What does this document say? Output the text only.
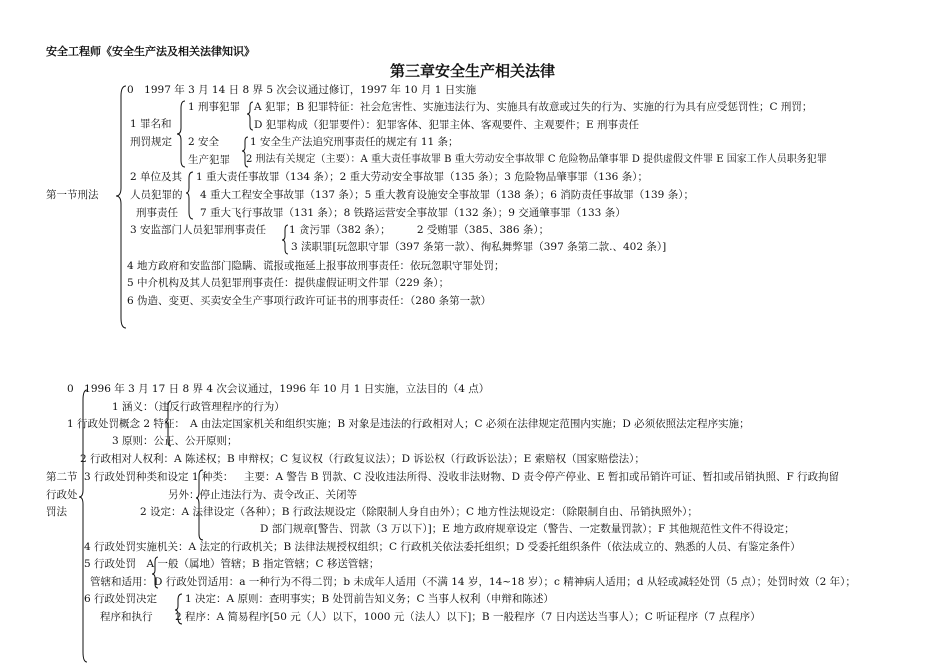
安全工程师《安全生产法及相关法律知识》
第三章安全生产相关法律
第一节刑法
0　1997 年 3 月 14 日 8 界 5 次会议通过修订，1997 年 10 月 1 日实施
1 罪名和
刑罚规定
1 刑事犯罪 A 犯罪；B 犯罪特征：社会危害性、实施违法行为、实施具有故意或过失的行为、实施的行为具有应受惩罚性；C 刑罚；
D 犯罪构成（犯罪要件）：犯罪客体、犯罪主体、客观要件、主观要件；E 刑事责任
2 安全
生产犯罪
1 安全生产法追究刑事责任的规定有 11 条；
2 刑法有关规定（主要）：A 重大责任事故罪 B 重大劳动安全事故罪 C 危险物品肇事罪 D 提供虚假文件罪 E 国家工作人员职务犯罪
2 单位及其
人员犯罪的
刑事责任
1 重大责任事故罪（134 条）；2 重大劳动安全事故罪（135 条）；3 危险物品肇事罪（136 条）；
4 重大工程安全事故罪（137 条）；5 重大教育设施安全事故罪（138 条）；6 消防责任事故罪（139 条）；
7 重大飞行事故罪（131 条）；8 铁路运营安全事故罪（132 条）；9 交通肇事罪（133 条）
3 安监部门人员犯罪刑事责任 1 贪污罪（382 条）；　　　2 受贿罪（385、386 条）；
3 渎职罪[玩忽职守罪（397 条第一款）、徇私舞弊罪（397 条第二款.、402 条）]
4 地方政府和安监部门隐瞒、谎报或拖延上报事故刑事责任：依玩忽职守罪处罚；
5 中介机构及其人员犯罪刑事责任：提供虚假证明文件罪（229 条）；
6 伪造、变更、买卖安全生产事项行政许可证书的刑事责任：（280 条第一款）
第二节
行政处
罚法
0　1996 年 3 月 17 日 8 界 4 次会议通过，1996 年 10 月 1 日实施，立法目的（4 点）
1 涵义：（违反行政管理程序的行为）
1 行政处罚概念 2 特征： A 由法定国家机关和组织实施；B 对象是违法的行政相对人；C 必须在法律规定范围内实施；D 必须依照法定程序实施；
3 原则：公正、公开原则；
2 行政相对人权利：A 陈述权；B 申辩权；C 复议权（行政复议法）；D 诉讼权（行政诉讼法）；E 索赔权（国家赔偿法）；
3 行政处罚种类和设定 1 种类： 主要：A 警告 B 罚款、C 没收违法所得、没收非法财物、D 责令停产停业、E 暂扣或吊销许可证、暂扣或吊销执照、F 行政拘留
另外：停止违法行为、责令改正、关闭等
2 设定：A 法律设定（各种）；B 行政法规设定（除限制人身自由外）；C 地方性法规设定：（除限制自由、吊销执照外）；
D 部门规章[警告、罚款（3 万以下）]；E 地方政府规章设定（警告、一定数量罚款）；F 其他规范性文件不得设定；
4 行政处罚实施机关：A 法定的行政机关；B 法律法规授权组织；C 行政机关依法委托组织；D 受委托组织条件（依法成立的、熟悉的人员、有鉴定条件）
5 行政处罚　A 一般（属地）管辖；B 指定管辖；C 移送管辖；
管辖和适用： D 行政处罚适用：a 一种行为不得二罚；b 未成年人适用（不满 14 岁，14~18 岁）；c 精神病人适用；d 从轻或减轻处罚（5 点）；处罚时效（2 年）；
6 行政处罚决定
程序和执行
1 决定：A 原则：查明事实；B 处罚前告知义务；C 当事人权利（申辩和陈述）
2 程序：A 简易程序[50 元（人）以下，1000 元（法人）以下]；B 一般程序（7 日内送达当事人）；C 听证程序（7 点程序）
